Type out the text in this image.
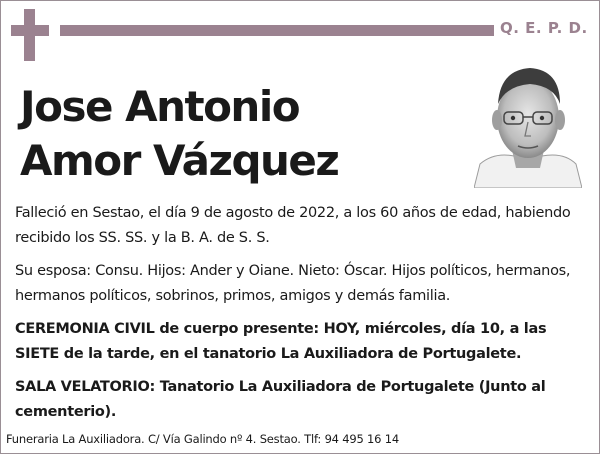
Q. E. P. D.
Jose Antonio
Amor Vázquez

Falleció en Sestao, el día 9 de agosto de 2022, a los 60 años de edad, habiendo recibido los SS. SS. y la B. A. de S. S.

Su esposa: Consu. Hijos: Ander y Oiane. Nieto: Óscar. Hijos políticos, hermanos, hermanos políticos, sobrinos, primos, amigos y demás familia.

CEREMONIA CIVIL de cuerpo presente: HOY, miércoles, día 10, a las SIETE de la tarde, en el tanatorio La Auxiliadora de Portugalete.

SALA VELATORIO: Tanatorio La Auxiliadora de Portugalete (Junto al cementerio).

Funeraria La Auxiliadora. C/ Vía Galindo nº 4. Sestao. Tlf: 94 495 16 14
